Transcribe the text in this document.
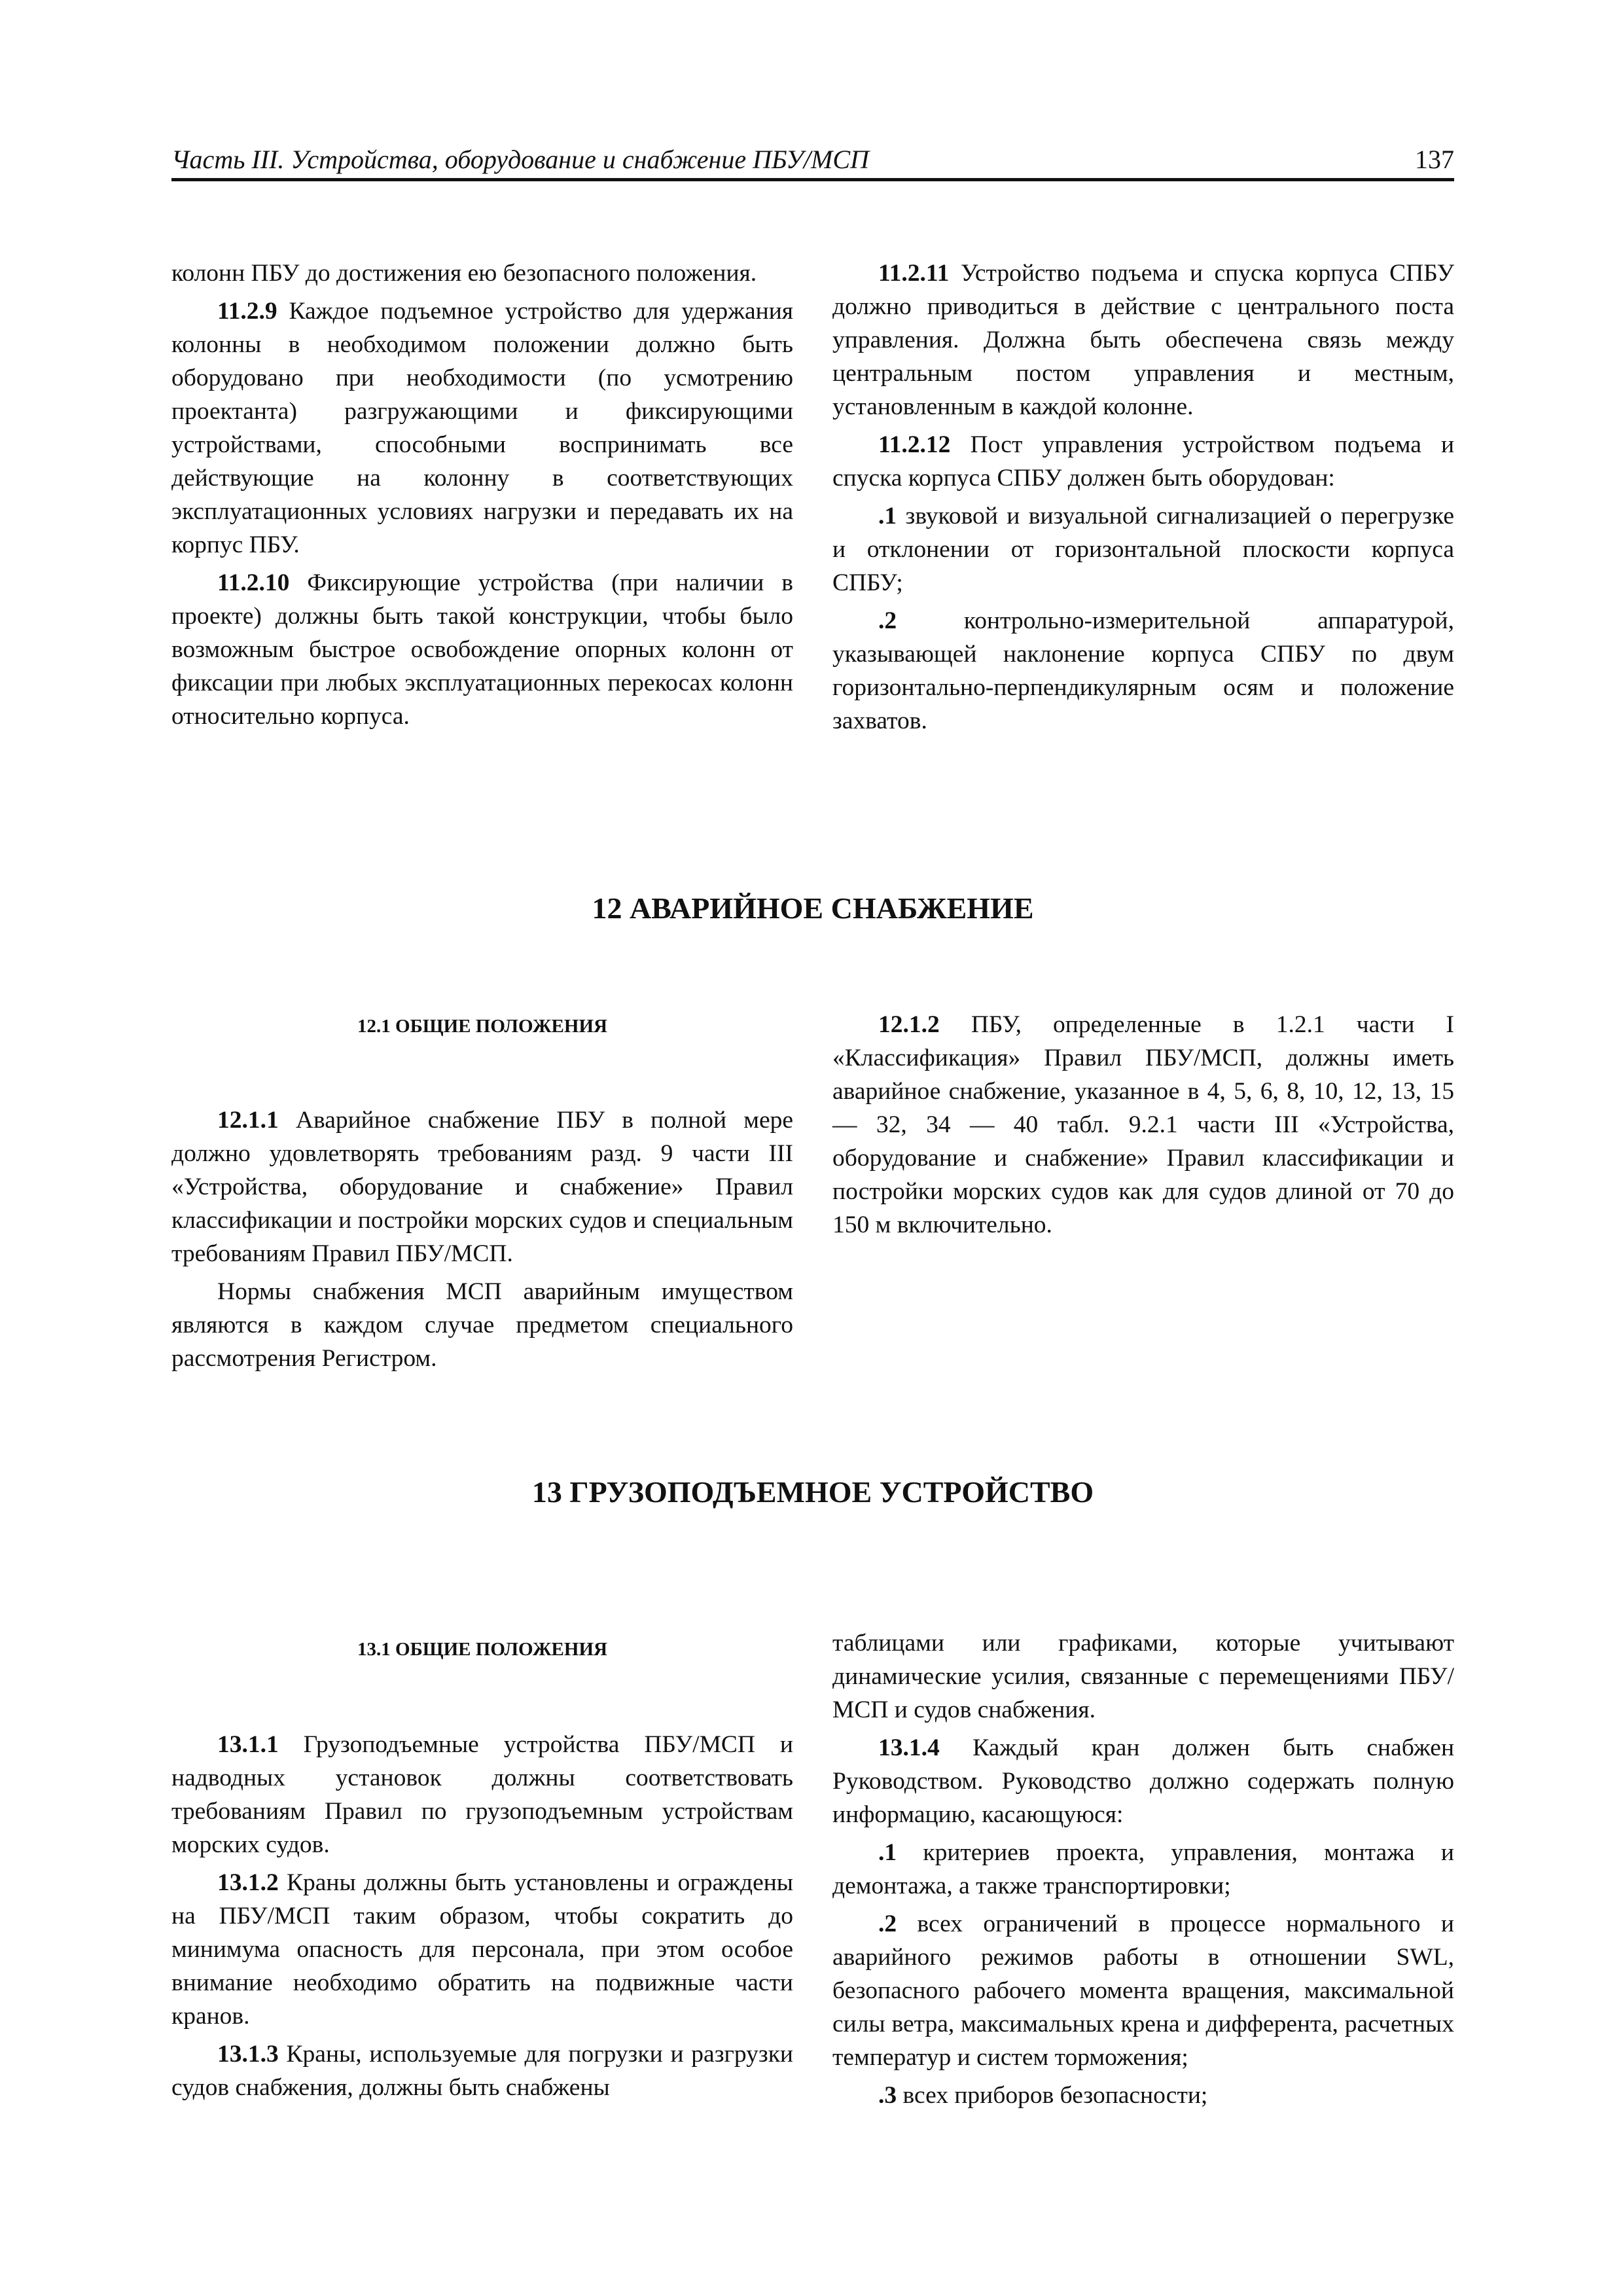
Часть III. Устройства, оборудование и снабжение ПБУ/МСП	137

колонн ПБУ до достижения ею безопасного положения.

11.2.9 Каждое подъемное устройство для удержания колонны в необходимом положении должно быть оборудовано при необходимости (по усмотрению проектанта) разгружающими и фиксирующими устройствами, способными воспринимать все действующие на колонну в соответствующих эксплуатационных условиях нагрузки и передавать их на корпус ПБУ.

11.2.10 Фиксирующие устройства (при наличии в проекте) должны быть такой конструкции, чтобы было возможным быстрое освобождение опорных колонн от фиксации при любых эксплуатационных перекосах колонн относительно корпуса.

11.2.11 Устройство подъема и спуска корпуса СПБУ должно приводиться в действие с центрального поста управления. Должна быть обеспечена связь между центральным постом управления и местным, установленным в каждой колонне.

11.2.12 Пост управления устройством подъема и спуска корпуса СПБУ должен быть оборудован:

.1 звуковой и визуальной сигнализацией о перегрузке и отклонении от горизонтальной плоскости корпуса СПБУ;

.2	контрольно-измерительной аппаратурой, указывающей наклонение корпуса СПБУ по двум горизонтально-перпендикулярным осям и положение захватов.

12 АВАРИЙНОЕ СНАБЖЕНИЕ
12.1 ОБЩИЕ ПОЛОЖЕНИЯ

12.1.1 Аварийное снабжение ПБУ в полной мере должно удовлетворять требованиям разд. 9 части III «Устройства, оборудование и снабжение» Правил классификации и постройки морских судов и специальным требованиям Правил ПБУ/МСП.

Нормы снабжения МСП аварийным имуществом являются в каждом случае предметом специального рассмотрения Регистром.

12.1.2 ПБУ, определенные в 1.2.1 части I «Классификация» Правил ПБУ/МСП, должны иметь аварийное снабжение, указанное в 4, 5, 6, 8, 10, 12, 13, 15 — 32, 34 — 40 табл. 9.2.1 части III «Устройства, оборудование и снабжение» Правил классификации и постройки морских судов как для судов длиной от 70 до 150 м включительно.

13 ГРУЗОПОДЪЕМНОЕ УСТРОЙСТВО
13.1 ОБЩИЕ ПОЛОЖЕНИЯ

13.1.1 Грузоподъемные устройства ПБУ/МСП и надводных установок должны соответствовать требованиям Правил по грузоподъемным устройствам морских судов.

13.1.2 Краны должны быть установлены и ограждены на ПБУ/МСП таким образом, чтобы сократить до минимума опасность для персонала, при этом особое внимание необходимо обратить на подвижные части кранов.

13.1.3 Краны, используемые для погрузки и разгрузки судов снабжения, должны быть снабжены

таблицами или графиками, которые учитывают динамические усилия, связанные с перемещениями ПБУ/МСП и судов снабжения.

13.1.4 Каждый кран должен быть снабжен Руководством. Руководство должно содержать полную информацию, касающуюся:

.1 критериев проекта, управления, монтажа и демонтажа, а также транспортировки;

.2 всех ограничений в процессе нормального и аварийного режимов работы в отношении SWL, безопасного рабочего момента вращения, максимальной силы ветра, максимальных крена и дифферента, расчетных температур и систем торможения;

.3 всех приборов безопасности;
